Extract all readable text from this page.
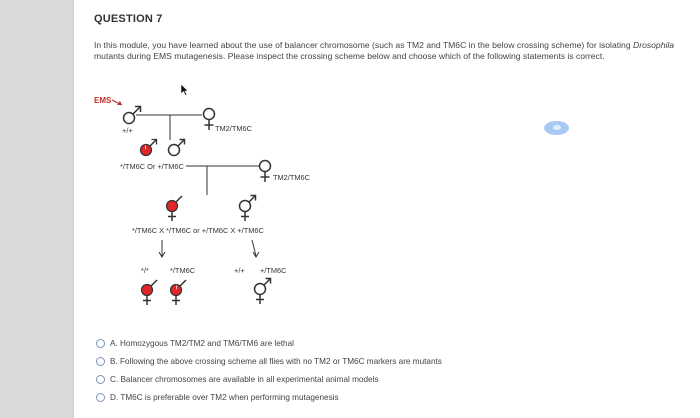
QUESTION 7
In this module, you have learned about the use of balancer chromosome (such as TM2 and TM6C in the below crossing scheme) for isolating Drosophila mutants during EMS mutagenesis. Please inspect the crossing scheme below and choose which of the following statements is correct.
EMS
+/+	TM2/TM6C
*/TM6C Or +/TM6C
TM2/TM6C
*/TM6C X */TM6C or +/TM6C X +/TM6C
*/*	*/TM6C	+/+ +/TM6C
A. Homozygous TM2/TM2 and TM6/TM6 are lethal
B. Following the above crossing scheme all flies with no TM2 or TM6C markers are mutants
C. Balancer chromosomes are available in all experimental animal models
D. TM6C is preferable over TM2 when performing mutagenesis
